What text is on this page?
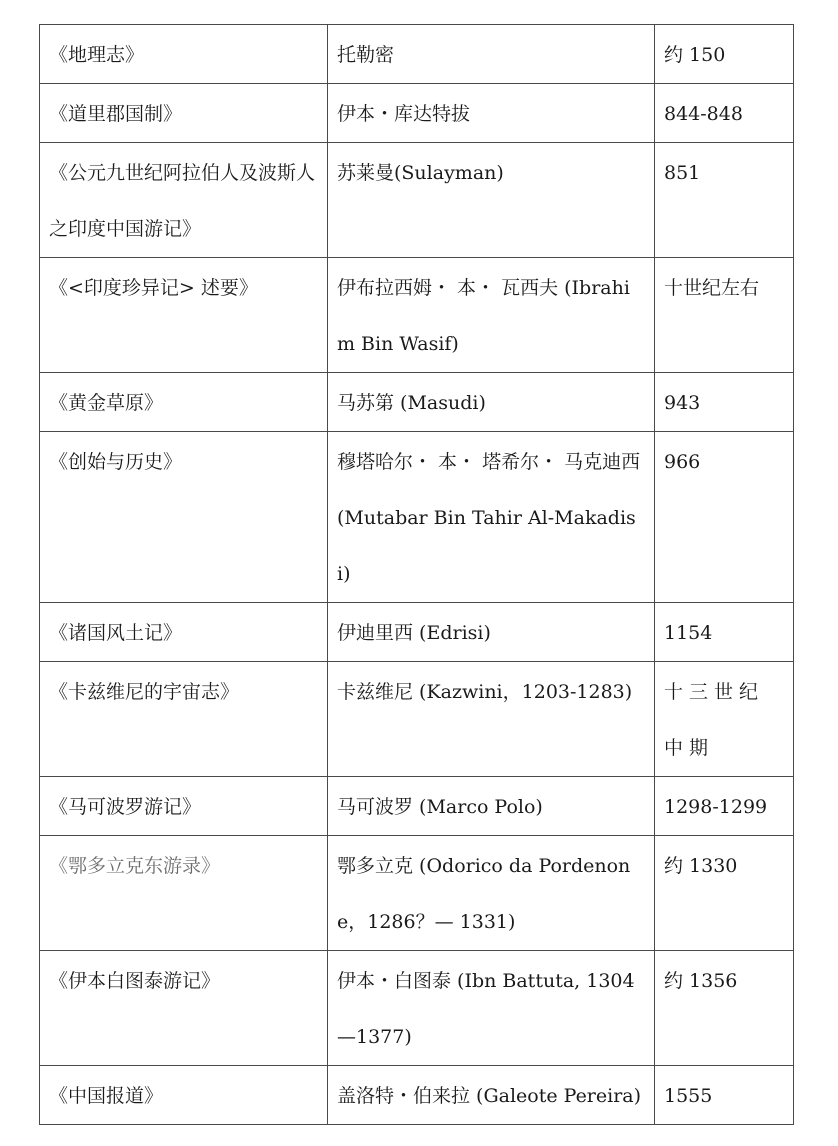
《地理志》	托勒密	约 150

《道里郡国制》	伊本・库达特拔	844-848

《公元九世纪阿拉伯人及波斯人之印度中国游记》	苏莱曼(Sulayman)	851

《<印度珍异记> 述要》	伊布拉西姆・ 本・ 瓦西夫 (Ibrahim Bin Wasif)	十世纪左右

《黄金草原》	马苏第 (Masudi)	943

《创始与历史》	穆塔哈尔・ 本・ 塔希尔・ 马克迪西 (Mutabar Bin Tahir Al-Makadisi)	966

《诸国风土记》	伊迪里西 (Edrisi)	1154

《卡兹维尼的宇宙志》	卡兹维尼 (Kazwini，1203-1283)	十三世纪中期

《马可波罗游记》	马可波罗 (Marco Polo)	1298-1299

《鄂多立克东游录》	鄂多立克 (Odorico da Pordenone，1286？— 1331)	约 1330

《伊本白图泰游记》	伊本・白图泰 (Ibn Battuta, 1304—1377)	约 1356

《中国报道》	盖洛特・伯来拉 (Galeote Pereira)	1555
